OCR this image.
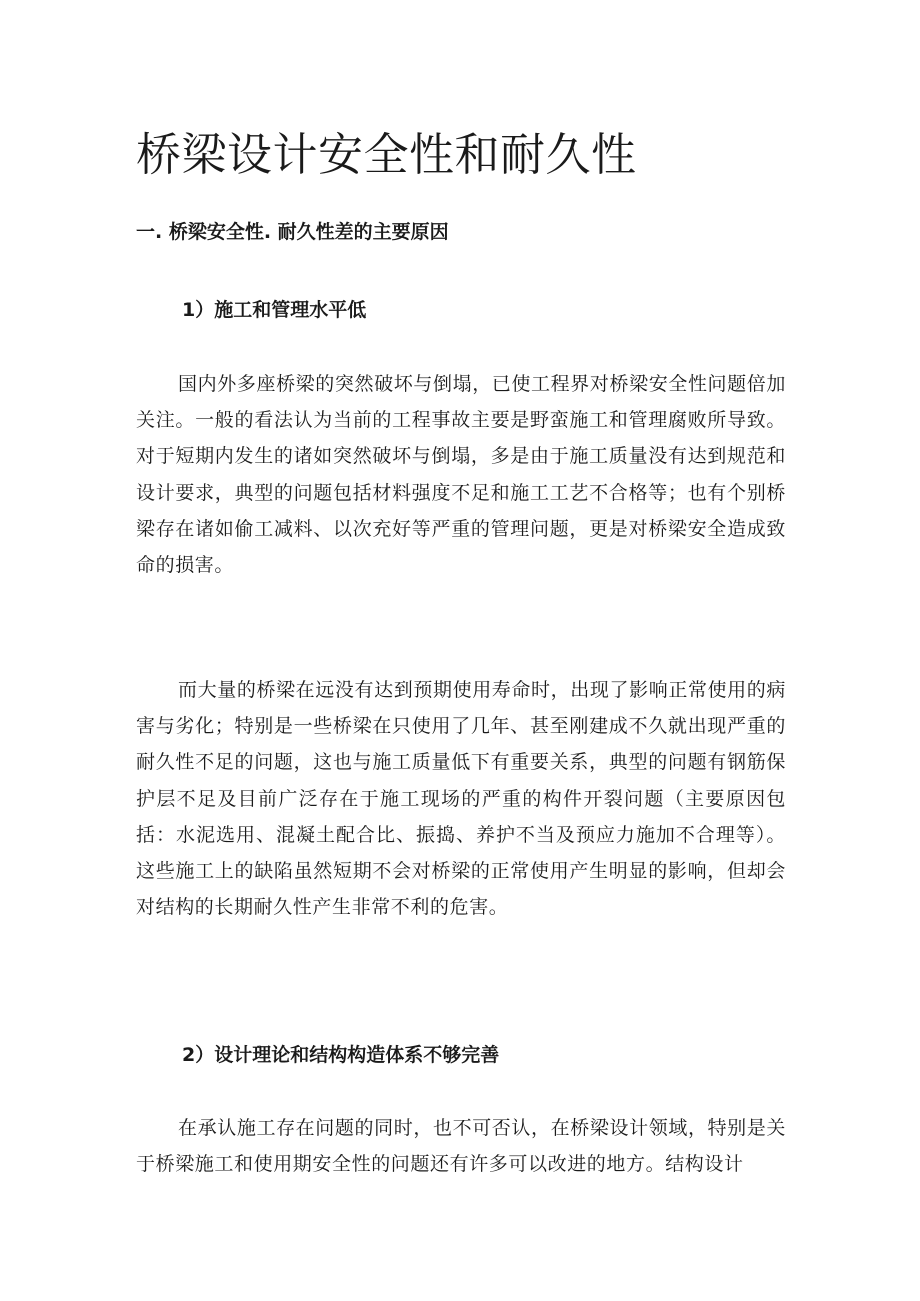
桥梁设计安全性和耐久性
一. 桥梁安全性. 耐久性差的主要原因
1）施工和管理水平低

国内外多座桥梁的突然破坏与倒塌，已使工程界对桥梁安全性问题倍加关注。一般的看法认为当前的工程事故主要是野蛮施工和管理腐败所导致。对于短期内发生的诸如突然破坏与倒塌，多是由于施工质量没有达到规范和设计要求，典型的问题包括材料强度不足和施工工艺不合格等；也有个别桥梁存在诸如偷工减料、以次充好等严重的管理问题，更是对桥梁安全造成致命的损害。

而大量的桥梁在远没有达到预期使用寿命时，出现了影响正常使用的病害与劣化；特别是一些桥梁在只使用了几年、甚至刚建成不久就出现严重的耐久性不足的问题，这也与施工质量低下有重要关系，典型的问题有钢筋保护层不足及目前广泛存在于施工现场的严重的构件开裂问题（主要原因包括：水泥选用、混凝土配合比、振捣、养护不当及预应力施加不合理等）。这些施工上的缺陷虽然短期不会对桥梁的正常使用产生明显的影响，但却会对结构的长期耐久性产生非常不利的危害。

2）设计理论和结构构造体系不够完善

在承认施工存在问题的同时，也不可否认，在桥梁设计领域，特别是关于桥梁施工和使用期安全性的问题还有许多可以改进的地方。结构设计
